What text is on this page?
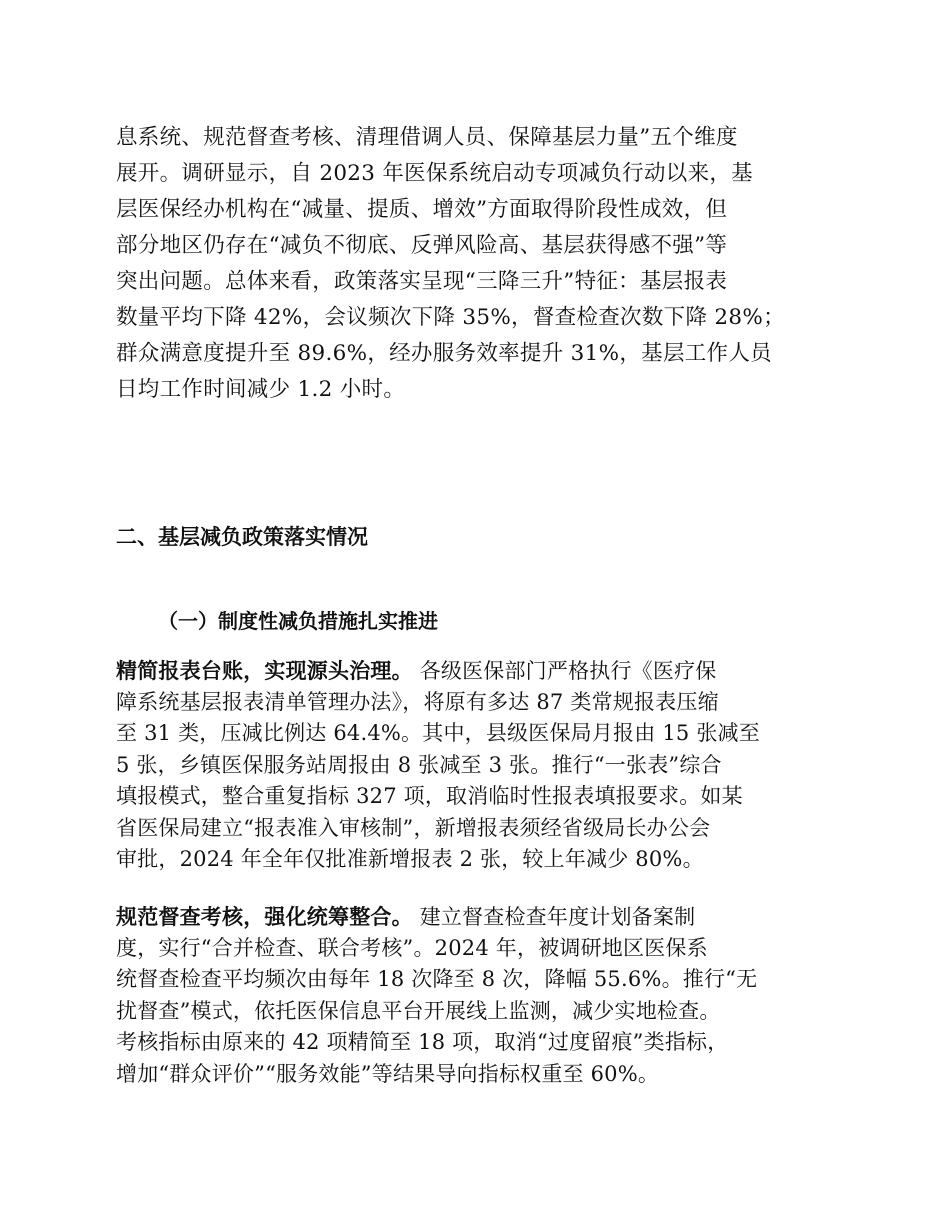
息系统、规范督查考核、清理借调人员、保障基层力量”五个维度
展开。调研显示，自 2023 年医保系统启动专项减负行动以来，基
层医保经办机构在“减量、提质、增效”方面取得阶段性成效，但
部分地区仍存在“减负不彻底、反弹风险高、基层获得感不强”等
突出问题。总体来看，政策落实呈现“三降三升”特征：基层报表
数量平均下降 42%，会议频次下降 35%，督查检查次数下降 28%；
群众满意度提升至 89.6%，经办服务效率提升 31%，基层工作人员
日均工作时间减少 1.2 小时。
二、基层减负政策落实情况
（一）制度性减负措施扎实推进
精简报表台账，实现源头治理。 各级医保部门严格执行《医疗保
障系统基层报表清单管理办法》，将原有多达 87 类常规报表压缩
至 31 类，压减比例达 64.4%。其中，县级医保局月报由 15 张减至
5 张，乡镇医保服务站周报由 8 张减至 3 张。推行“一张表”综合
填报模式，整合重复指标 327 项，取消临时性报表填报要求。如某
省医保局建立“报表准入审核制”，新增报表须经省级局长办公会
审批，2024 年全年仅批准新增报表 2 张，较上年减少 80%。
规范督查考核，强化统筹整合。 建立督查检查年度计划备案制
度，实行“合并检查、联合考核”。2024 年，被调研地区医保系
统督查检查平均频次由每年 18 次降至 8 次，降幅 55.6%。推行“无
扰督查”模式，依托医保信息平台开展线上监测，减少实地检查。
考核指标由原来的 42 项精简至 18 项，取消“过度留痕”类指标，
增加“群众评价”“服务效能”等结果导向指标权重至 60%。
